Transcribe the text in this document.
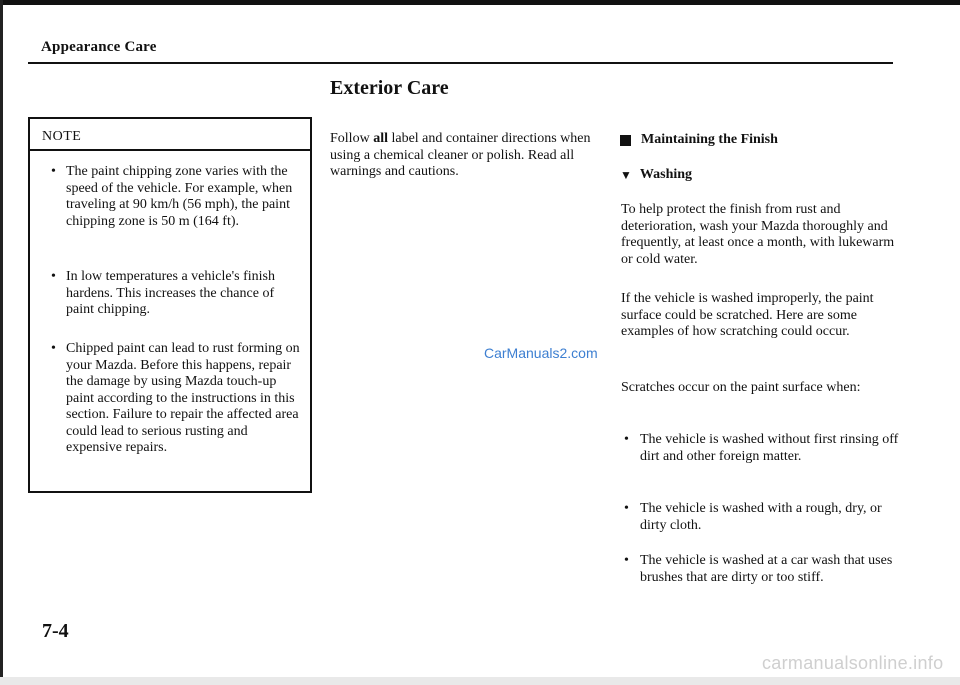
Appearance Care
Exterior Care
NOTE
• The paint chipping zone varies with the speed of the vehicle. For example, when traveling at 90 km/h (56 mph), the paint chipping zone is 50 m (164 ft).
• In low temperatures a vehicle's finish hardens. This increases the chance of paint chipping.
• Chipped paint can lead to rust forming on your Mazda. Before this happens, repair the damage by using Mazda touch-up paint according to the instructions in this section. Failure to repair the affected area could lead to serious rusting and expensive repairs.
Follow all label and container directions when using a chemical cleaner or polish. Read all warnings and cautions.
Maintaining the Finish
▼ Washing
To help protect the finish from rust and deterioration, wash your Mazda thoroughly and frequently, at least once a month, with lukewarm or cold water.
If the vehicle is washed improperly, the paint surface could be scratched. Here are some examples of how scratching could occur.
Scratches occur on the paint surface when:
• The vehicle is washed without first rinsing off dirt and other foreign matter.
• The vehicle is washed with a rough, dry, or dirty cloth.
• The vehicle is washed at a car wash that uses brushes that are dirty or too stiff.
CarManuals2.com
carmanualsonline.info
7-4
